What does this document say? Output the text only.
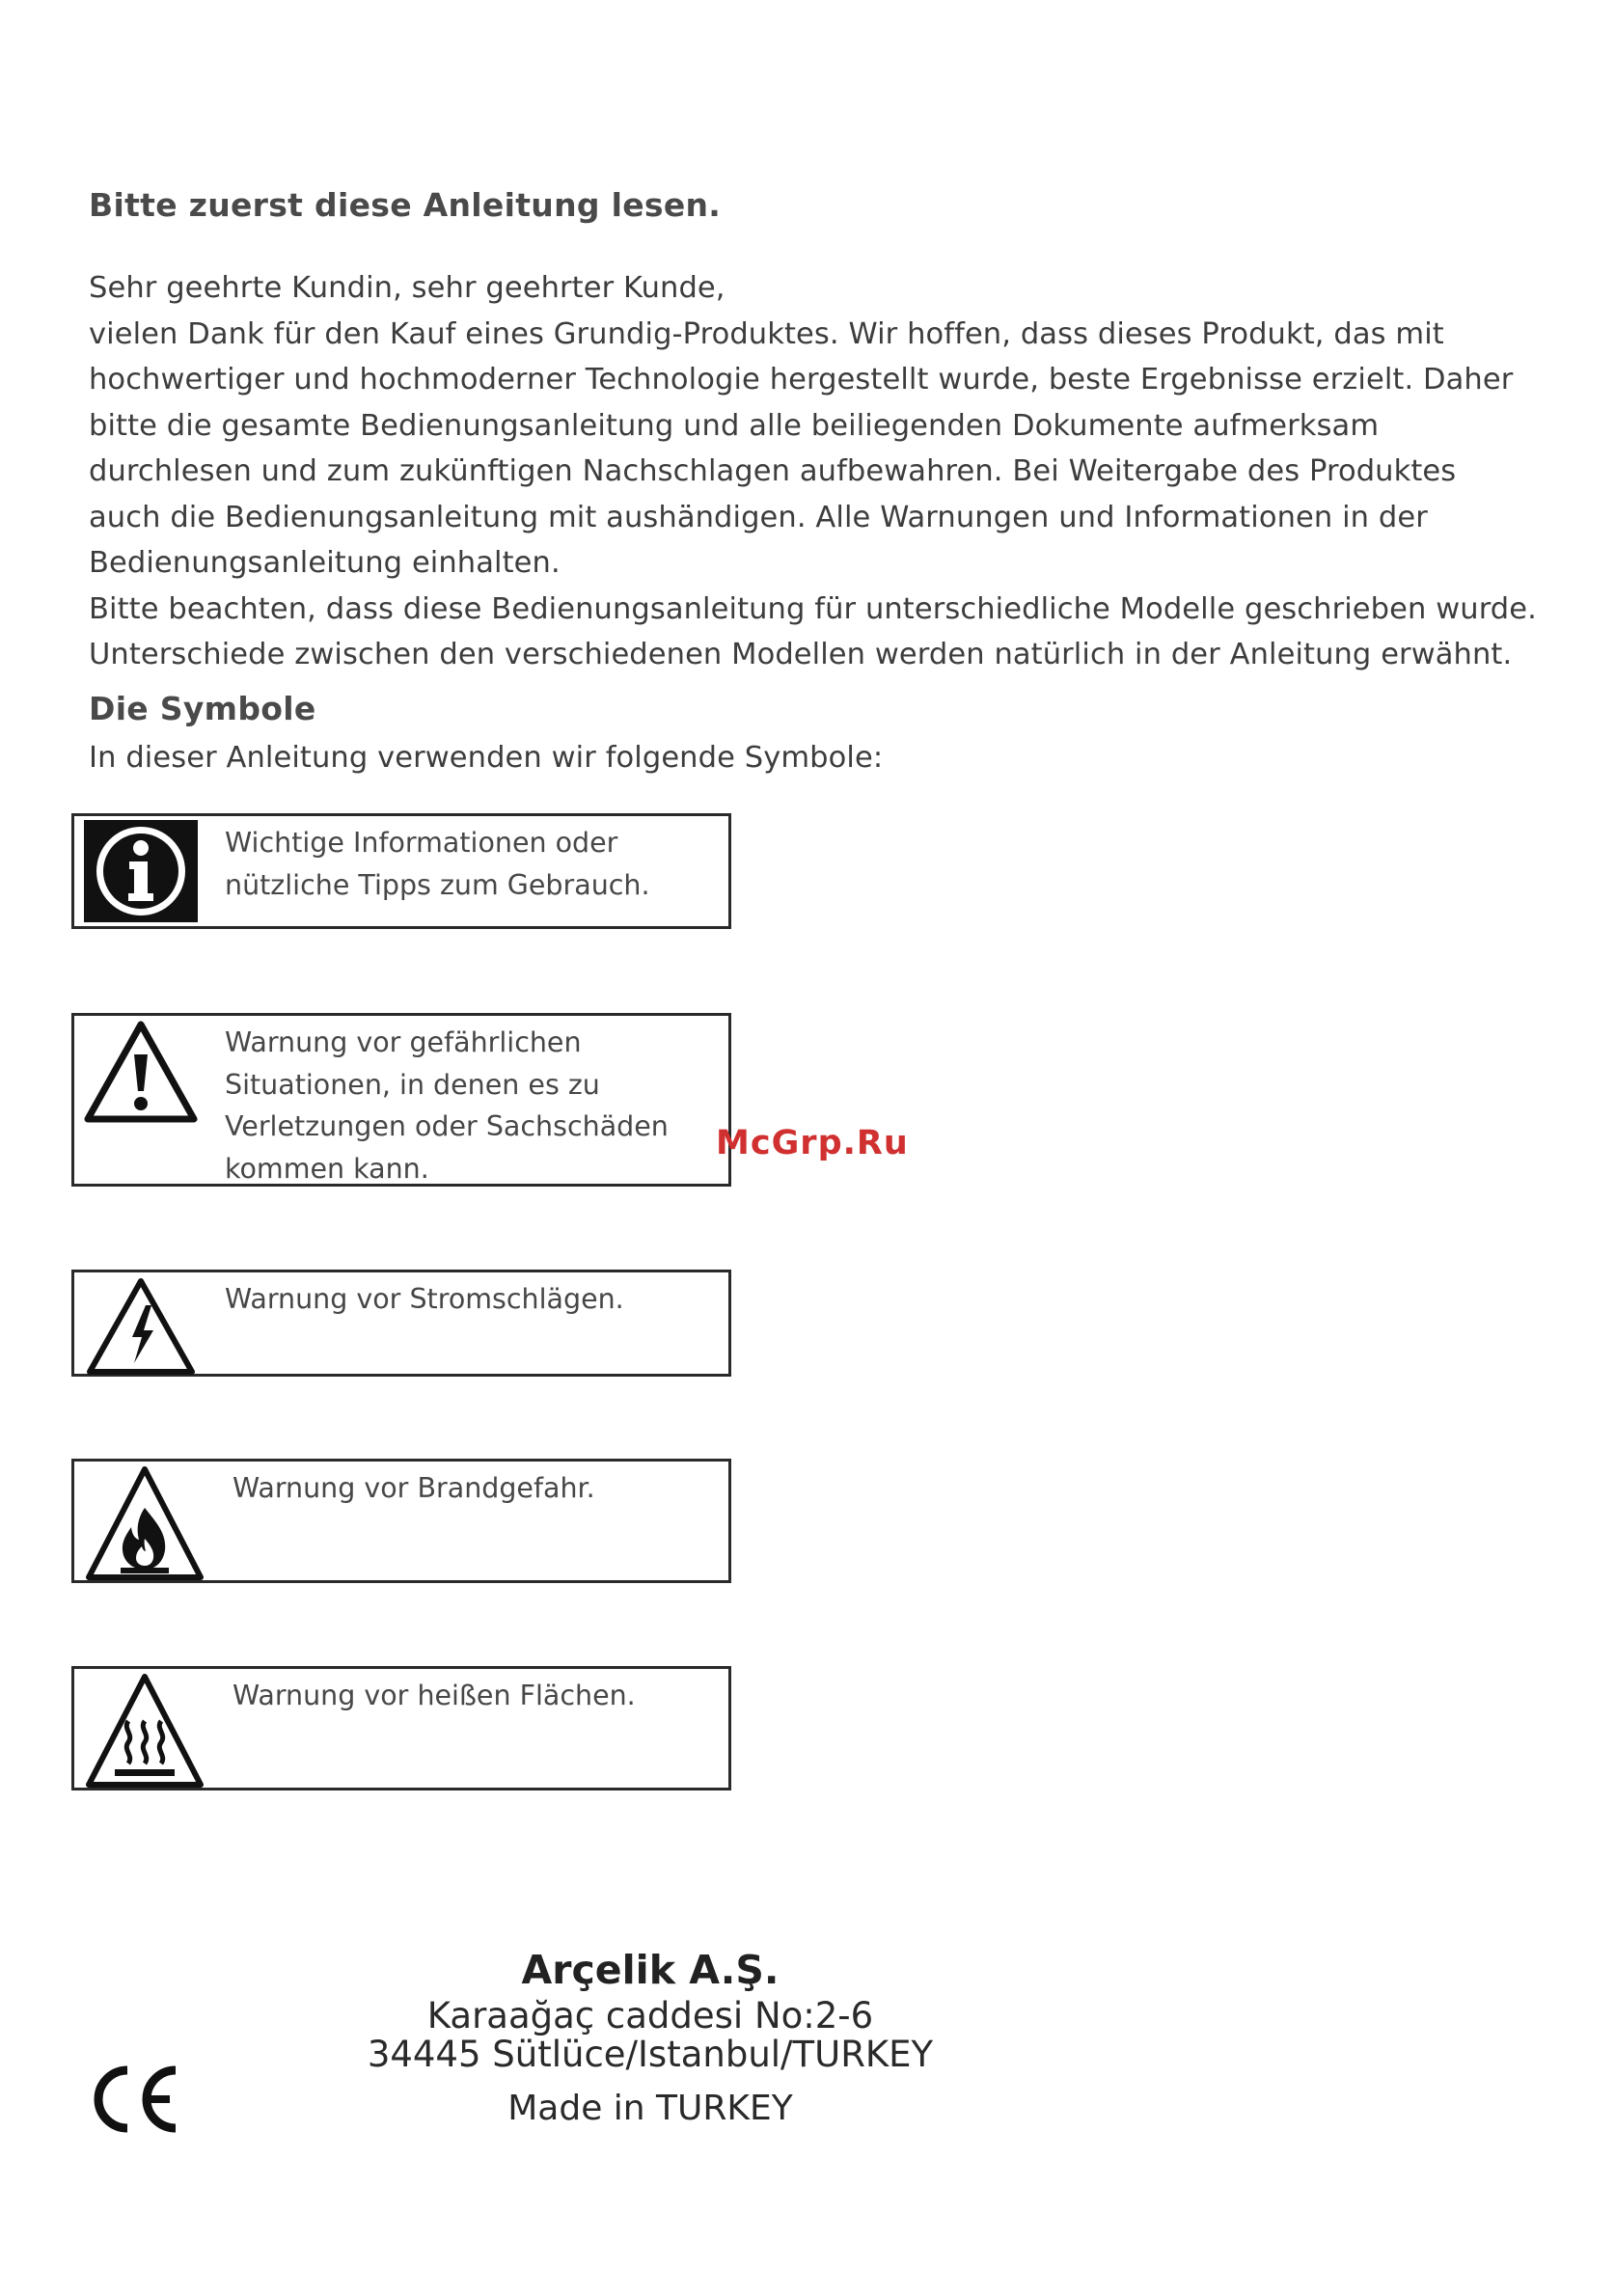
Bitte zuerst diese Anleitung lesen.
Sehr geehrte Kundin, sehr geehrter Kunde,
vielen Dank für den Kauf eines Grundig-Produktes. Wir hoffen, dass dieses Produkt, das mit
hochwertiger und hochmoderner Technologie hergestellt wurde, beste Ergebnisse erzielt. Daher
bitte die gesamte Bedienungsanleitung und alle beiliegenden Dokumente aufmerksam
durchlesen und zum zukünftigen Nachschlagen aufbewahren. Bei Weitergabe des Produktes
auch die Bedienungsanleitung mit aushändigen. Alle Warnungen und Informationen in der
Bedienungsanleitung einhalten.
Bitte beachten, dass diese Bedienungsanleitung für unterschiedliche Modelle geschrieben wurde.
Unterschiede zwischen den verschiedenen Modellen werden natürlich in der Anleitung erwähnt.
Die Symbole
In dieser Anleitung verwenden wir folgende Symbole:
Wichtige Informationen oder
nützliche Tipps zum Gebrauch.
Warnung vor gefährlichen
Situationen, in denen es zu
Verletzungen oder Sachschäden
kommen kann.
Warnung vor Stromschlägen.
Warnung vor Brandgefahr.
Warnung vor heißen Flächen.
McGrp.Ru
Arçelik A.Ş.
Karaağaç caddesi No:2-6
34445 Sütlüce/Istanbul/TURKEY
Made in TURKEY
